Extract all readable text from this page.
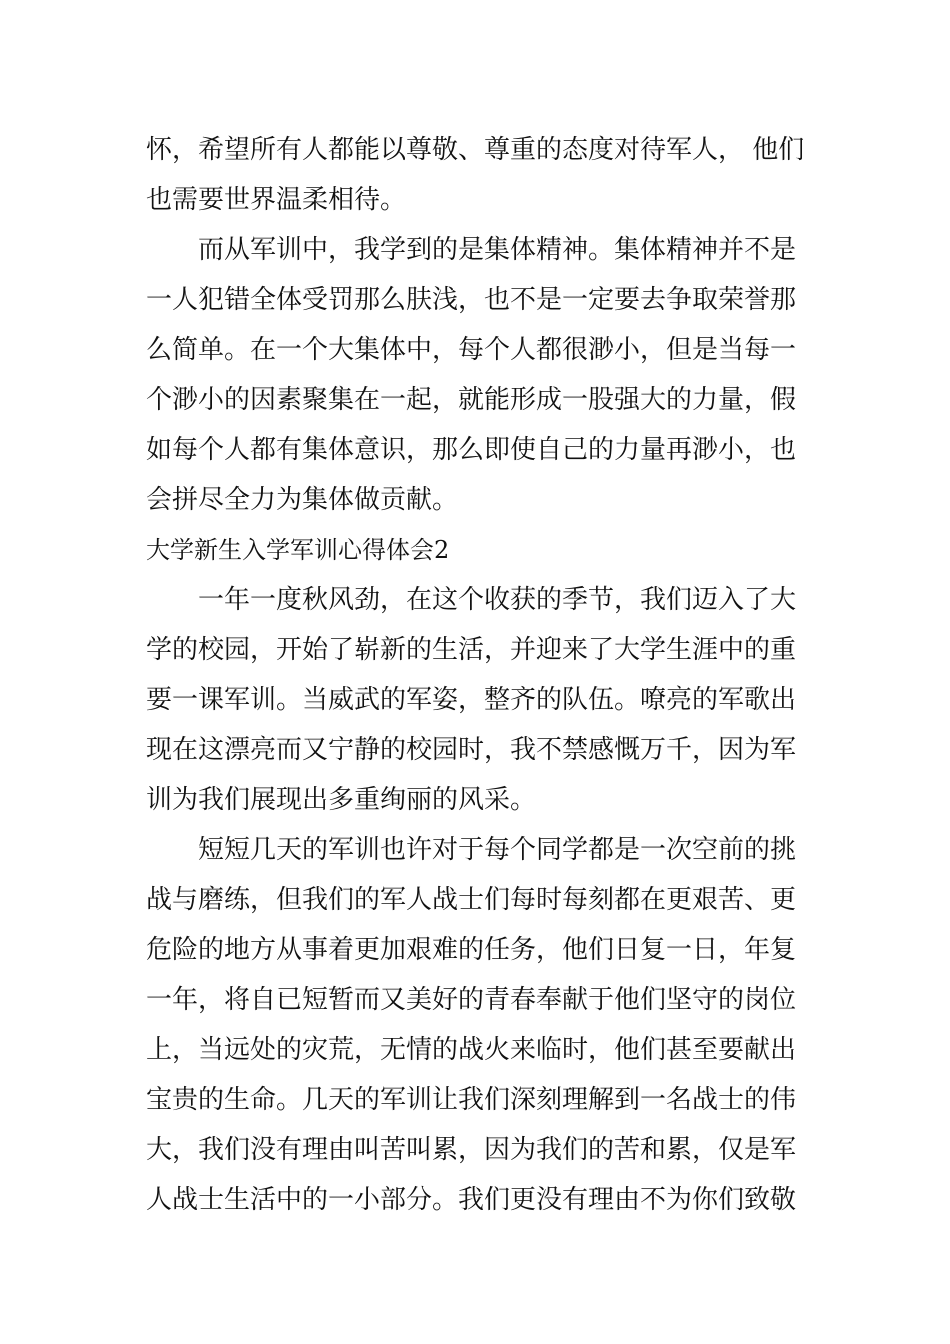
怀，希望所有人都能以尊敬、尊重的态度对待军人， 他们
也需要世界温柔相待。
而从军训中，我学到的是集体精神。集体精神并不是
一人犯错全体受罚那么肤浅，也不是一定要去争取荣誉那
么简单。在一个大集体中，每个人都很渺小，但是当每一
个渺小的因素聚集在一起，就能形成一股强大的力量，假
如每个人都有集体意识，那么即使自己的力量再渺小，也
会拼尽全力为集体做贡献。
大学新生入学军训心得体会2
一年一度秋风劲，在这个收获的季节，我们迈入了大
学的校园，开始了崭新的生活，并迎来了大学生涯中的重
要一课军训。当威武的军姿，整齐的队伍。嘹亮的军歌出
现在这漂亮而又宁静的校园时，我不禁感慨万千，因为军
训为我们展现出多重绚丽的风采。
短短几天的军训也许对于每个同学都是一次空前的挑
战与磨练，但我们的军人战士们每时每刻都在更艰苦、更
危险的地方从事着更加艰难的任务，他们日复一日，年复
一年，将自已短暂而又美好的青春奉献于他们坚守的岗位
上，当远处的灾荒，无情的战火来临时，他们甚至要献出
宝贵的生命。几天的军训让我们深刻理解到一名战士的伟
大，我们没有理由叫苦叫累，因为我们的苦和累，仅是军
人战士生活中的一小部分。我们更没有理由不为你们致敬
